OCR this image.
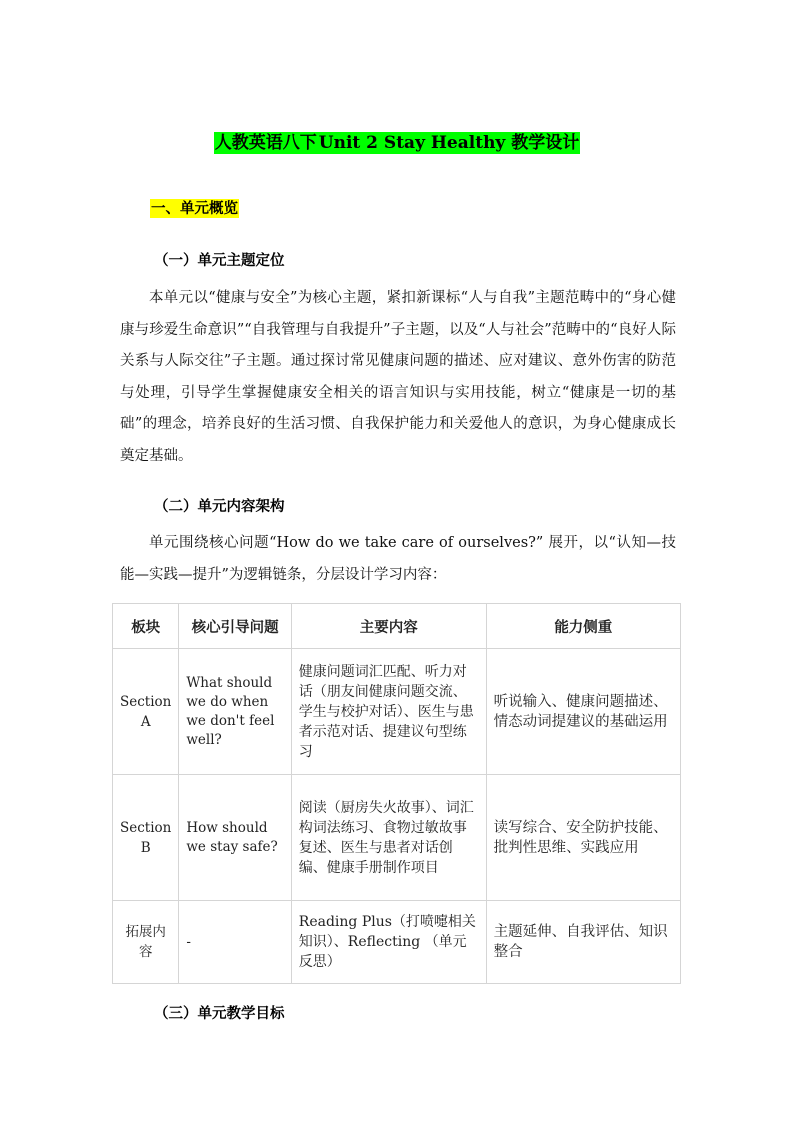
人教英语八下 Unit 2 Stay Healthy 教学设计
一、单元概览
（一）单元主题定位

本单元以“健康与安全”为核心主题，紧扣新课标“人与自我”主题范畴中的“身心健康与珍爱生命意识”“自我管理与自我提升”子主题，以及“人与社会”范畴中的“良好人际关系与人际交往”子主题。通过探讨常见健康问题的描述、应对建议、意外伤害的防范与处理，引导学生掌握健康安全相关的语言知识与实用技能，树立“健康是一切的基础”的理念，培养良好的生活习惯、自我保护能力和关爱他人的意识，为身心健康成长奠定基础。

（二）单元内容架构

单元围绕核心问题“How do we take care of ourselves?” 展开，以“认知—技能—实践—提升”为逻辑链条，分层设计学习内容：

板块	核心引导问题	主要内容	能力侧重
Section A	What should we do when we don't feel well?	健康问题词汇匹配、听力对话（朋友间健康问题交流、学生与校护对话）、医生与患者示范对话、提建议句型练习	听说输入、健康问题描述、情态动词提建议的基础运用
Section B	How should we stay safe?	阅读（厨房失火故事）、词汇构词法练习、食物过敏故事复述、医生与患者对话创编、健康手册制作项目	读写综合、安全防护技能、批判性思维、实践应用
拓展内容	-	Reading Plus（打喷嚏相关知识）、Reflecting （单元反思）	主题延伸、自我评估、知识整合
（三）单元教学目标
